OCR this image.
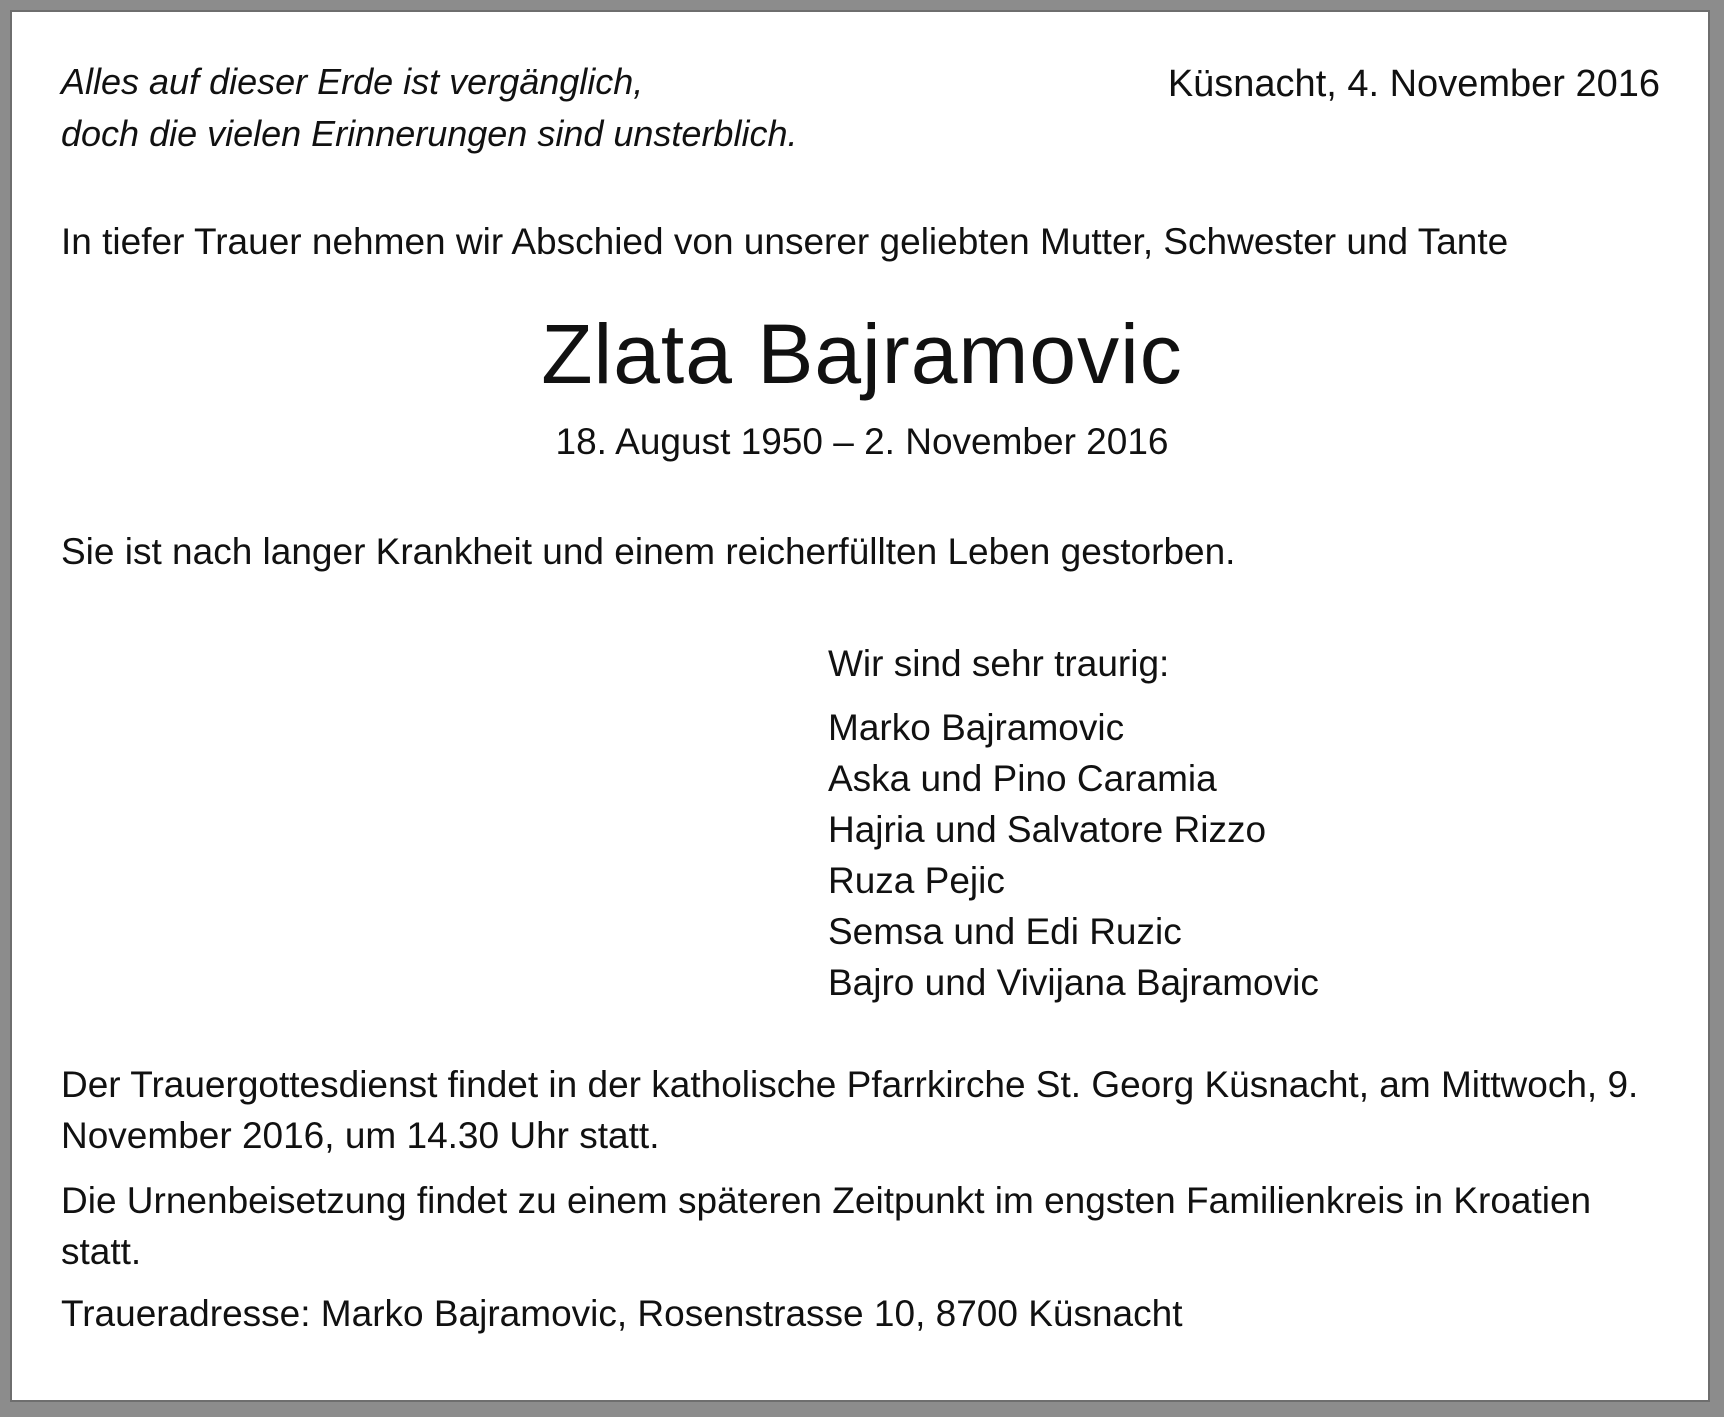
Alles auf dieser Erde ist vergänglich,
doch die vielen Erinnerungen sind unsterblich.

Küsnacht, 4. November 2016

In tiefer Trauer nehmen wir Abschied von unserer geliebten Mutter, Schwester und Tante

Zlata Bajramovic

18. August 1950 – 2. November 2016

Sie ist nach langer Krankheit und einem reicherfüllten Leben gestorben.

Wir sind sehr traurig:

Marko Bajramovic
Aska und Pino Caramia
Hajria und Salvatore Rizzo
Ruza Pejic
Semsa und Edi Ruzic
Bajro und Vivijana Bajramovic

Der Trauergottesdienst findet in der katholische Pfarrkirche St. Georg Küsnacht, am Mittwoch, 9. November 2016, um 14.30 Uhr statt.

Die Urnenbeisetzung findet zu einem späteren Zeitpunkt im engsten Familienkreis in Kroatien statt.

Traueradresse: Marko Bajramovic, Rosenstrasse 10, 8700 Küsnacht
